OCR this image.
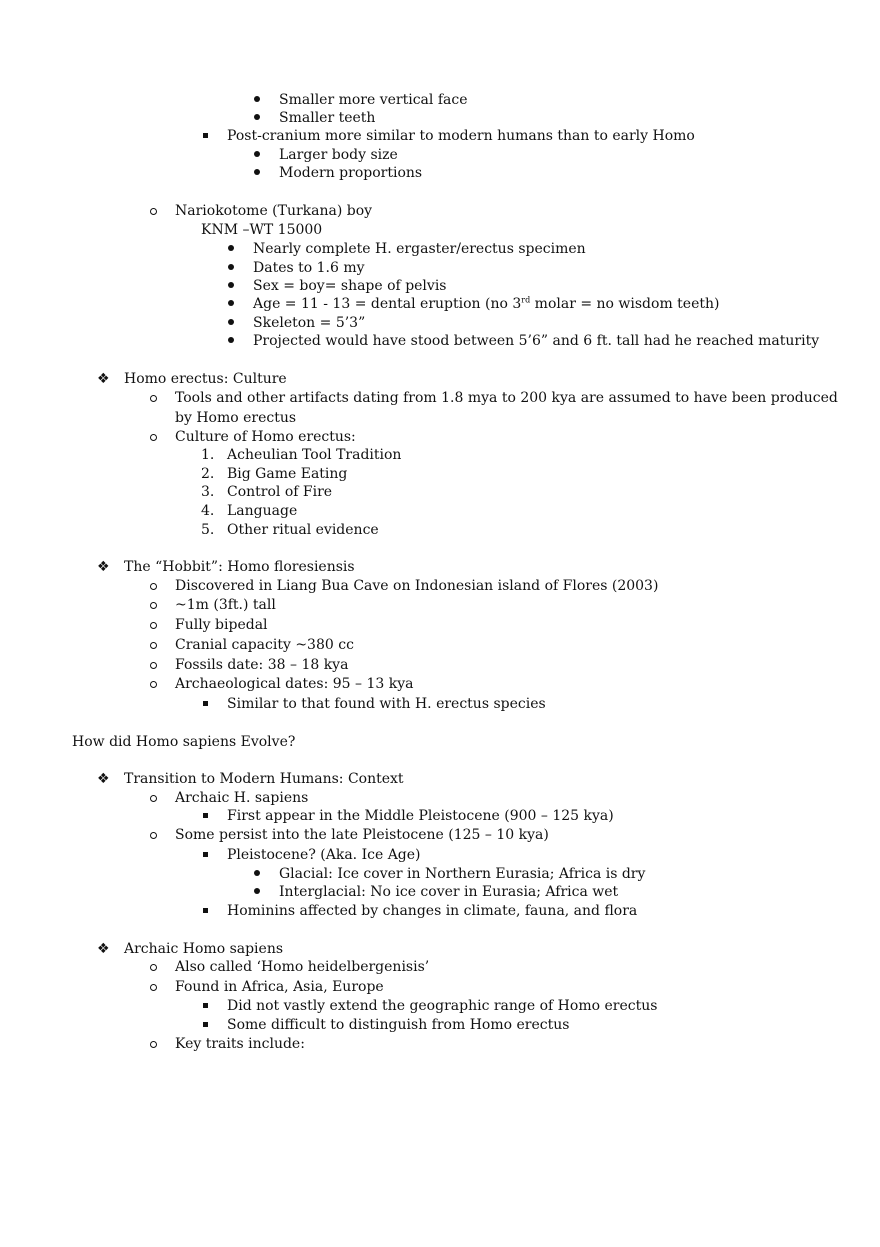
Smaller more vertical face
Smaller teeth
Post-cranium more similar to modern humans than to early Homo
Larger body size
Modern proportions
Nariokotome (Turkana) boy
KNM –WT 15000
Nearly complete H. ergaster/erectus specimen
Dates to 1.6 my
Sex = boy= shape of pelvis
Age = 11 - 13 = dental eruption (no 3rd molar = no wisdom teeth)
Skeleton = 5’3”
Projected would have stood between 5’6” and 6 ft. tall had he reached maturity
❖ Homo erectus: Culture
Tools and other artifacts dating from 1.8 mya to 200 kya are assumed to have been produced
by Homo erectus
Culture of Homo erectus:
1. Acheulian Tool Tradition
2. Big Game Eating
3. Control of Fire
4. Language
5. Other ritual evidence
❖ The “Hobbit”: Homo floresiensis
Discovered in Liang Bua Cave on Indonesian island of Flores (2003)
~1m (3ft.) tall
Fully bipedal
Cranial capacity ~380 cc
Fossils date: 38 – 18 kya
Archaeological dates: 95 – 13 kya
Similar to that found with H. erectus species
How did Homo sapiens Evolve?
❖ Transition to Modern Humans: Context
Archaic H. sapiens
First appear in the Middle Pleistocene (900 – 125 kya)
Some persist into the late Pleistocene (125 – 10 kya)
Pleistocene? (Aka. Ice Age)
Glacial: Ice cover in Northern Eurasia; Africa is dry
Interglacial: No ice cover in Eurasia; Africa wet
Hominins affected by changes in climate, fauna, and flora
❖ Archaic Homo sapiens
Also called ‘Homo heidelbergenisis’
Found in Africa, Asia, Europe
Did not vastly extend the geographic range of Homo erectus
Some difficult to distinguish from Homo erectus
Key traits include:
